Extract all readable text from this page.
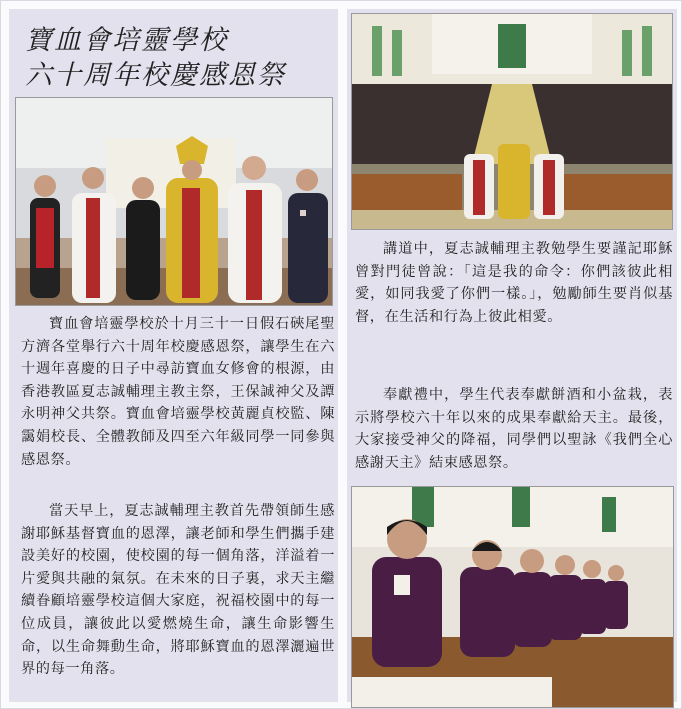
寶血會培靈學校
六十周年校慶感恩祭

寶血會培靈學校於十月三十一日假石硤尾聖方濟各堂舉行六十周年校慶感恩祭，讓學生在六十週年喜慶的日子中尋訪寶血女修會的根源，由香港教區夏志誠輔理主教主祭，王保誠神父及譚永明神父共祭。寶血會培靈學校黃麗貞校監、陳靄娟校長、全體教師及四至六年級同學一同參與感恩祭。

當天早上，夏志誠輔理主教首先帶領師生感謝耶穌基督寶血的恩澤，讓老師和學生們攜手建設美好的校園，使校園的每一個角落，洋溢着一片愛與共融的氣氛。在未來的日子裏，求天主繼續眷顧培靈學校這個大家庭，祝福校園中的每一位成員，讓彼此以愛燃燒生命，讓生命影響生命，以生命舞動生命，將耶穌寶血的恩澤灑遍世界的每一角落。

講道中，夏志誠輔理主教勉學生要謹記耶穌曾對門徒曾說：「這是我的命令：你們該彼此相愛，如同我愛了你們一樣。」，勉勵師生要肖似基督，在生活和行為上彼此相愛。

奉獻禮中，學生代表奉獻餅酒和小盆栽，表示將學校六十年以來的成果奉獻給天主。最後，大家接受神父的降福，同學們以聖詠《我們全心感謝天主》結束感恩祭。
